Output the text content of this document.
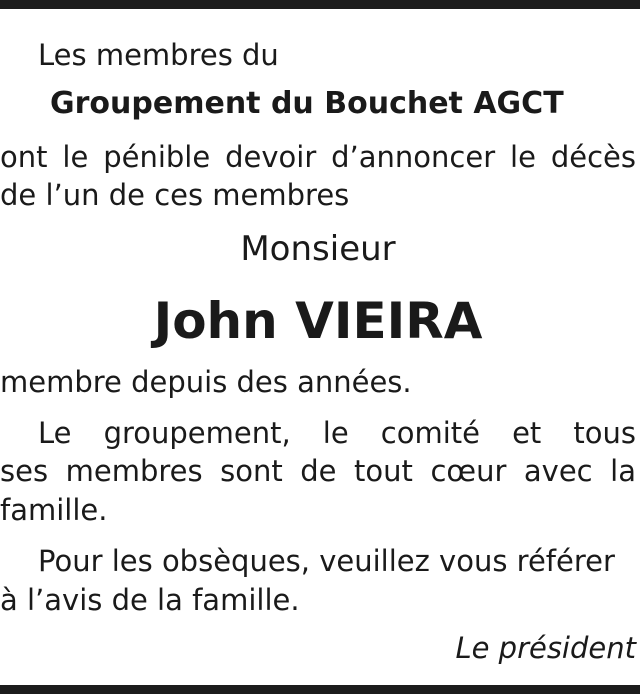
Les membres du
Groupement du Bouchet AGCT
ont le pénible devoir d’annoncer le décès
de l’un de ces membres
Monsieur
John VIEIRA
membre depuis des années.
Le groupement, le comité et tous
ses membres sont de tout cœur avec la
famille.
Pour les obsèques, veuillez vous référer
à l’avis de la famille.
Le président
